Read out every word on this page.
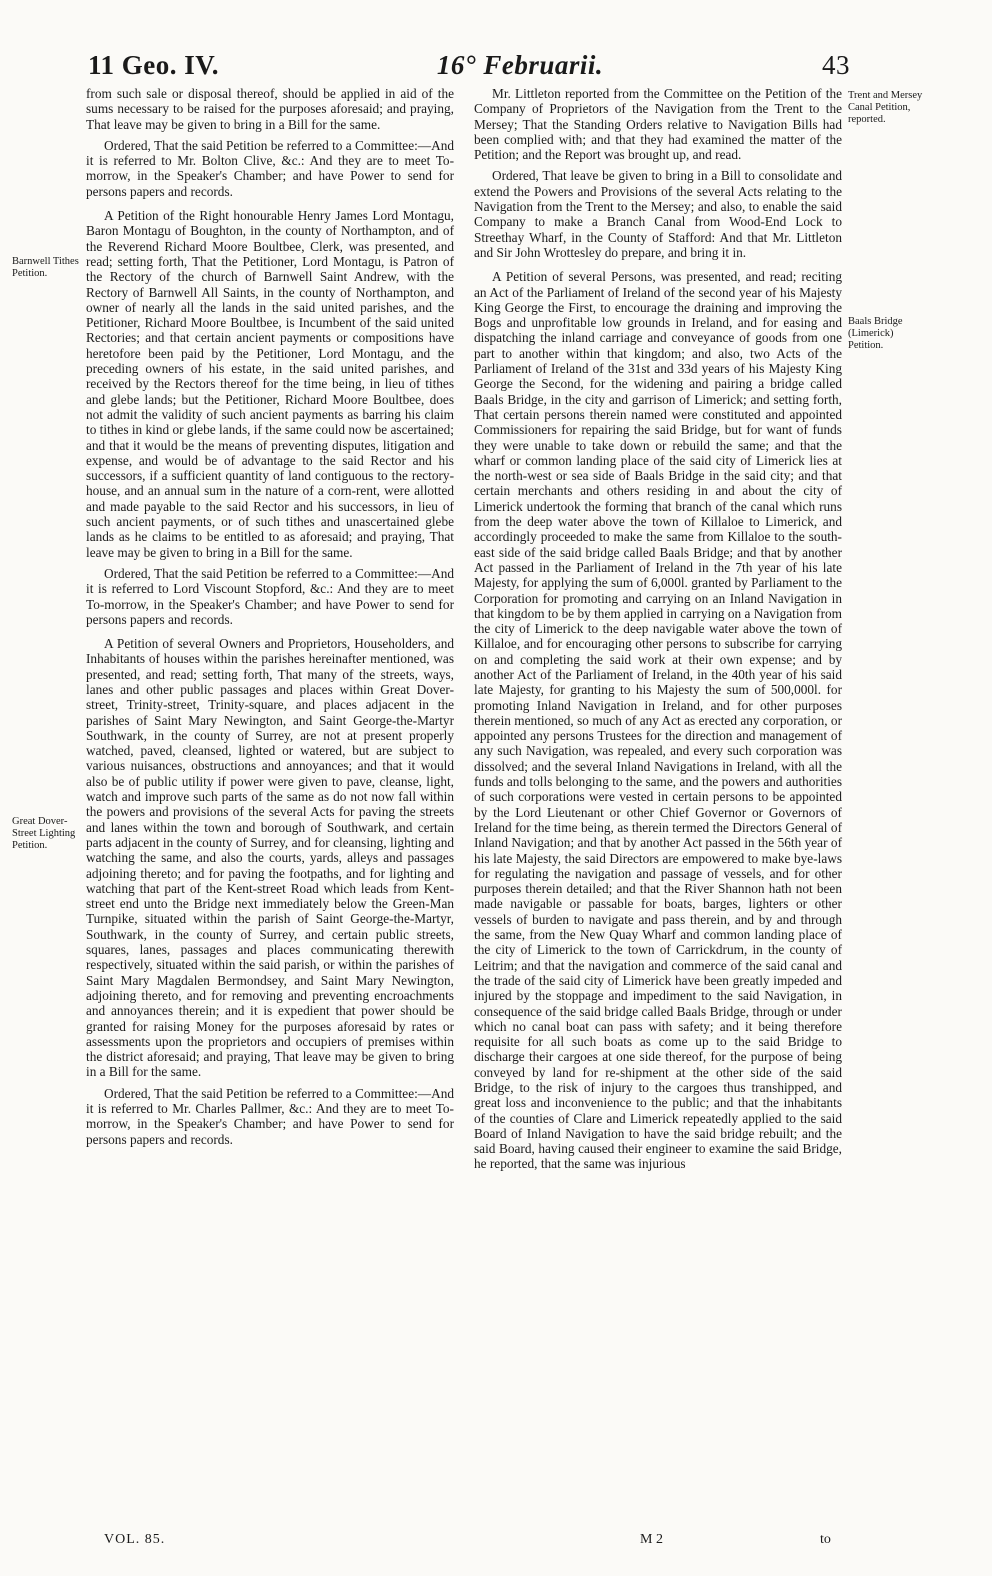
11 Geo. IV.	16° Februarii.	43
Barnwell Tithes Petition.
Great Dover-Street Lighting Petition.
Trent and Mersey Canal Petition, reported.
Baals Bridge (Limerick) Petition.

from such sale or disposal thereof, should be applied in aid of the sums necessary to be raised for the purposes aforesaid; and praying, That leave may be given to bring in a Bill for the same.

Ordered, That the said Petition be referred to a Committee:—And it is referred to Mr. Bolton Clive, &c.: And they are to meet To-morrow, in the Speaker's Chamber; and have Power to send for persons papers and records.

A Petition of the Right honourable Henry James Lord Montagu, Baron Montagu of Boughton, in the county of Northampton, and of the Reverend Richard Moore Boultbee, Clerk, was presented, and read; setting forth, That the Petitioner, Lord Montagu, is Patron of the Rectory of the church of Barnwell Saint Andrew, with the Rectory of Barnwell All Saints, in the county of Northampton, and owner of nearly all the lands in the said united parishes, and the Petitioner, Richard Moore Boultbee, is Incumbent of the said united Rectories; and that certain ancient payments or compositions have heretofore been paid by the Petitioner, Lord Montagu, and the preceding owners of his estate, in the said united parishes, and received by the Rectors thereof for the time being, in lieu of tithes and glebe lands; but the Petitioner, Richard Moore Boultbee, does not admit the validity of such ancient payments as barring his claim to tithes in kind or glebe lands, if the same could now be ascertained; and that it would be the means of preventing disputes, litigation and expense, and would be of advantage to the said Rector and his successors, if a sufficient quantity of land contiguous to the rectory-house, and an annual sum in the nature of a corn-rent, were allotted and made payable to the said Rector and his successors, in lieu of such ancient payments, or of such tithes and unascertained glebe lands as he claims to be entitled to as aforesaid; and praying, That leave may be given to bring in a Bill for the same.

Ordered, That the said Petition be referred to a Committee:—And it is referred to Lord Viscount Stopford, &c.: And they are to meet To-morrow, in the Speaker's Chamber; and have Power to send for persons papers and records.

A Petition of several Owners and Proprietors, Householders, and Inhabitants of houses within the parishes hereinafter mentioned, was presented, and read; setting forth, That many of the streets, ways, lanes and other public passages and places within Great Dover-street, Trinity-street, Trinity-square, and places adjacent in the parishes of Saint Mary Newington, and Saint George-the-Martyr Southwark, in the county of Surrey, are not at present properly watched, paved, cleansed, lighted or watered, but are subject to various nuisances, obstructions and annoyances; and that it would also be of public utility if power were given to pave, cleanse, light, watch and improve such parts of the same as do not now fall within the powers and provisions of the several Acts for paving the streets and lanes within the town and borough of Southwark, and certain parts adjacent in the county of Surrey, and for cleansing, lighting and watching the same, and also the courts, yards, alleys and passages adjoining thereto; and for paving the footpaths, and for lighting and watching that part of the Kent-street Road which leads from Kent-street end unto the Bridge next immediately below the Green-Man Turnpike, situated within the parish of Saint George-the-Martyr, Southwark, in the county of Surrey, and certain public streets, squares, lanes, passages and places communicating therewith respectively, situated within the said parish, or within the parishes of Saint Mary Magdalen Bermondsey, and Saint Mary Newington, adjoining thereto, and for removing and preventing encroachments and annoyances therein; and it is expedient that power should be granted for raising Money for the purposes aforesaid by rates or assessments upon the proprietors and occupiers of premises within the district aforesaid; and praying, That leave may be given to bring in a Bill for the same.

Ordered, That the said Petition be referred to a Committee:—And it is referred to Mr. Charles Pallmer, &c.: And they are to meet To-morrow, in the Speaker's Chamber; and have Power to send for persons papers and records.

Mr. Littleton reported from the Committee on the Petition of the Company of Proprietors of the Navigation from the Trent to the Mersey; That the Standing Orders relative to Navigation Bills had been complied with; and that they had examined the matter of the Petition; and the Report was brought up, and read.

Ordered, That leave be given to bring in a Bill to consolidate and extend the Powers and Provisions of the several Acts relating to the Navigation from the Trent to the Mersey; and also, to enable the said Company to make a Branch Canal from Wood-End Lock to Streethay Wharf, in the County of Stafford: And that Mr. Littleton and Sir John Wrottesley do prepare, and bring it in.

A Petition of several Persons, was presented, and read; reciting an Act of the Parliament of Ireland of the second year of his Majesty King George the First, to encourage the draining and improving the Bogs and unprofitable low grounds in Ireland, and for easing and dispatching the inland carriage and conveyance of goods from one part to another within that kingdom; and also, two Acts of the Parliament of Ireland of the 31st and 33d years of his Majesty King George the Second, for the widening and pairing a bridge called Baals Bridge, in the city and garrison of Limerick; and setting forth, That certain persons therein named were constituted and appointed Commissioners for repairing the said Bridge, but for want of funds they were unable to take down or rebuild the same; and that the wharf or common landing place of the said city of Limerick lies at the north-west or sea side of Baals Bridge in the said city; and that certain merchants and others residing in and about the city of Limerick undertook the forming that branch of the canal which runs from the deep water above the town of Killaloe to Limerick, and accordingly proceeded to make the same from Killaloe to the south-east side of the said bridge called Baals Bridge; and that by another Act passed in the Parliament of Ireland in the 7th year of his late Majesty, for applying the sum of 6,000l. granted by Parliament to the Corporation for promoting and carrying on an Inland Navigation in that kingdom to be by them applied in carrying on a Navigation from the city of Limerick to the deep navigable water above the town of Killaloe, and for encouraging other persons to subscribe for carrying on and completing the said work at their own expense; and by another Act of the Parliament of Ireland, in the 40th year of his said late Majesty, for granting to his Majesty the sum of 500,000l. for promoting Inland Navigation in Ireland, and for other purposes therein mentioned, so much of any Act as erected any corporation, or appointed any persons Trustees for the direction and management of any such Navigation, was repealed, and every such corporation was dissolved; and the several Inland Navigations in Ireland, with all the funds and tolls belonging to the same, and the powers and authorities of such corporations were vested in certain persons to be appointed by the Lord Lieutenant or other Chief Governor or Governors of Ireland for the time being, as therein termed the Directors General of Inland Navigation; and that by another Act passed in the 56th year of his late Majesty, the said Directors are empowered to make bye-laws for regulating the navigation and passage of vessels, and for other purposes therein detailed; and that the River Shannon hath not been made navigable or passable for boats, barges, lighters or other vessels of burden to navigate and pass therein, and by and through the same, from the New Quay Wharf and common landing place of the city of Limerick to the town of Carrickdrum, in the county of Leitrim; and that the navigation and commerce of the said canal and the trade of the said city of Limerick have been greatly impeded and injured by the stoppage and impediment to the said Navigation, in consequence of the said bridge called Baals Bridge, through or under which no canal boat can pass with safety; and it being therefore requisite for all such boats as come up to the said Bridge to discharge their cargoes at one side thereof, for the purpose of being conveyed by land for re-shipment at the other side of the said Bridge, to the risk of injury to the cargoes thus transhipped, and great loss and inconvenience to the public; and that the inhabitants of the counties of Clare and Limerick repeatedly applied to the said Board of Inland Navigation to have the said bridge rebuilt; and the said Board, having caused their engineer to examine the said Bridge, he reported, that the same was injurious

VOL. 85.	M 2	to
